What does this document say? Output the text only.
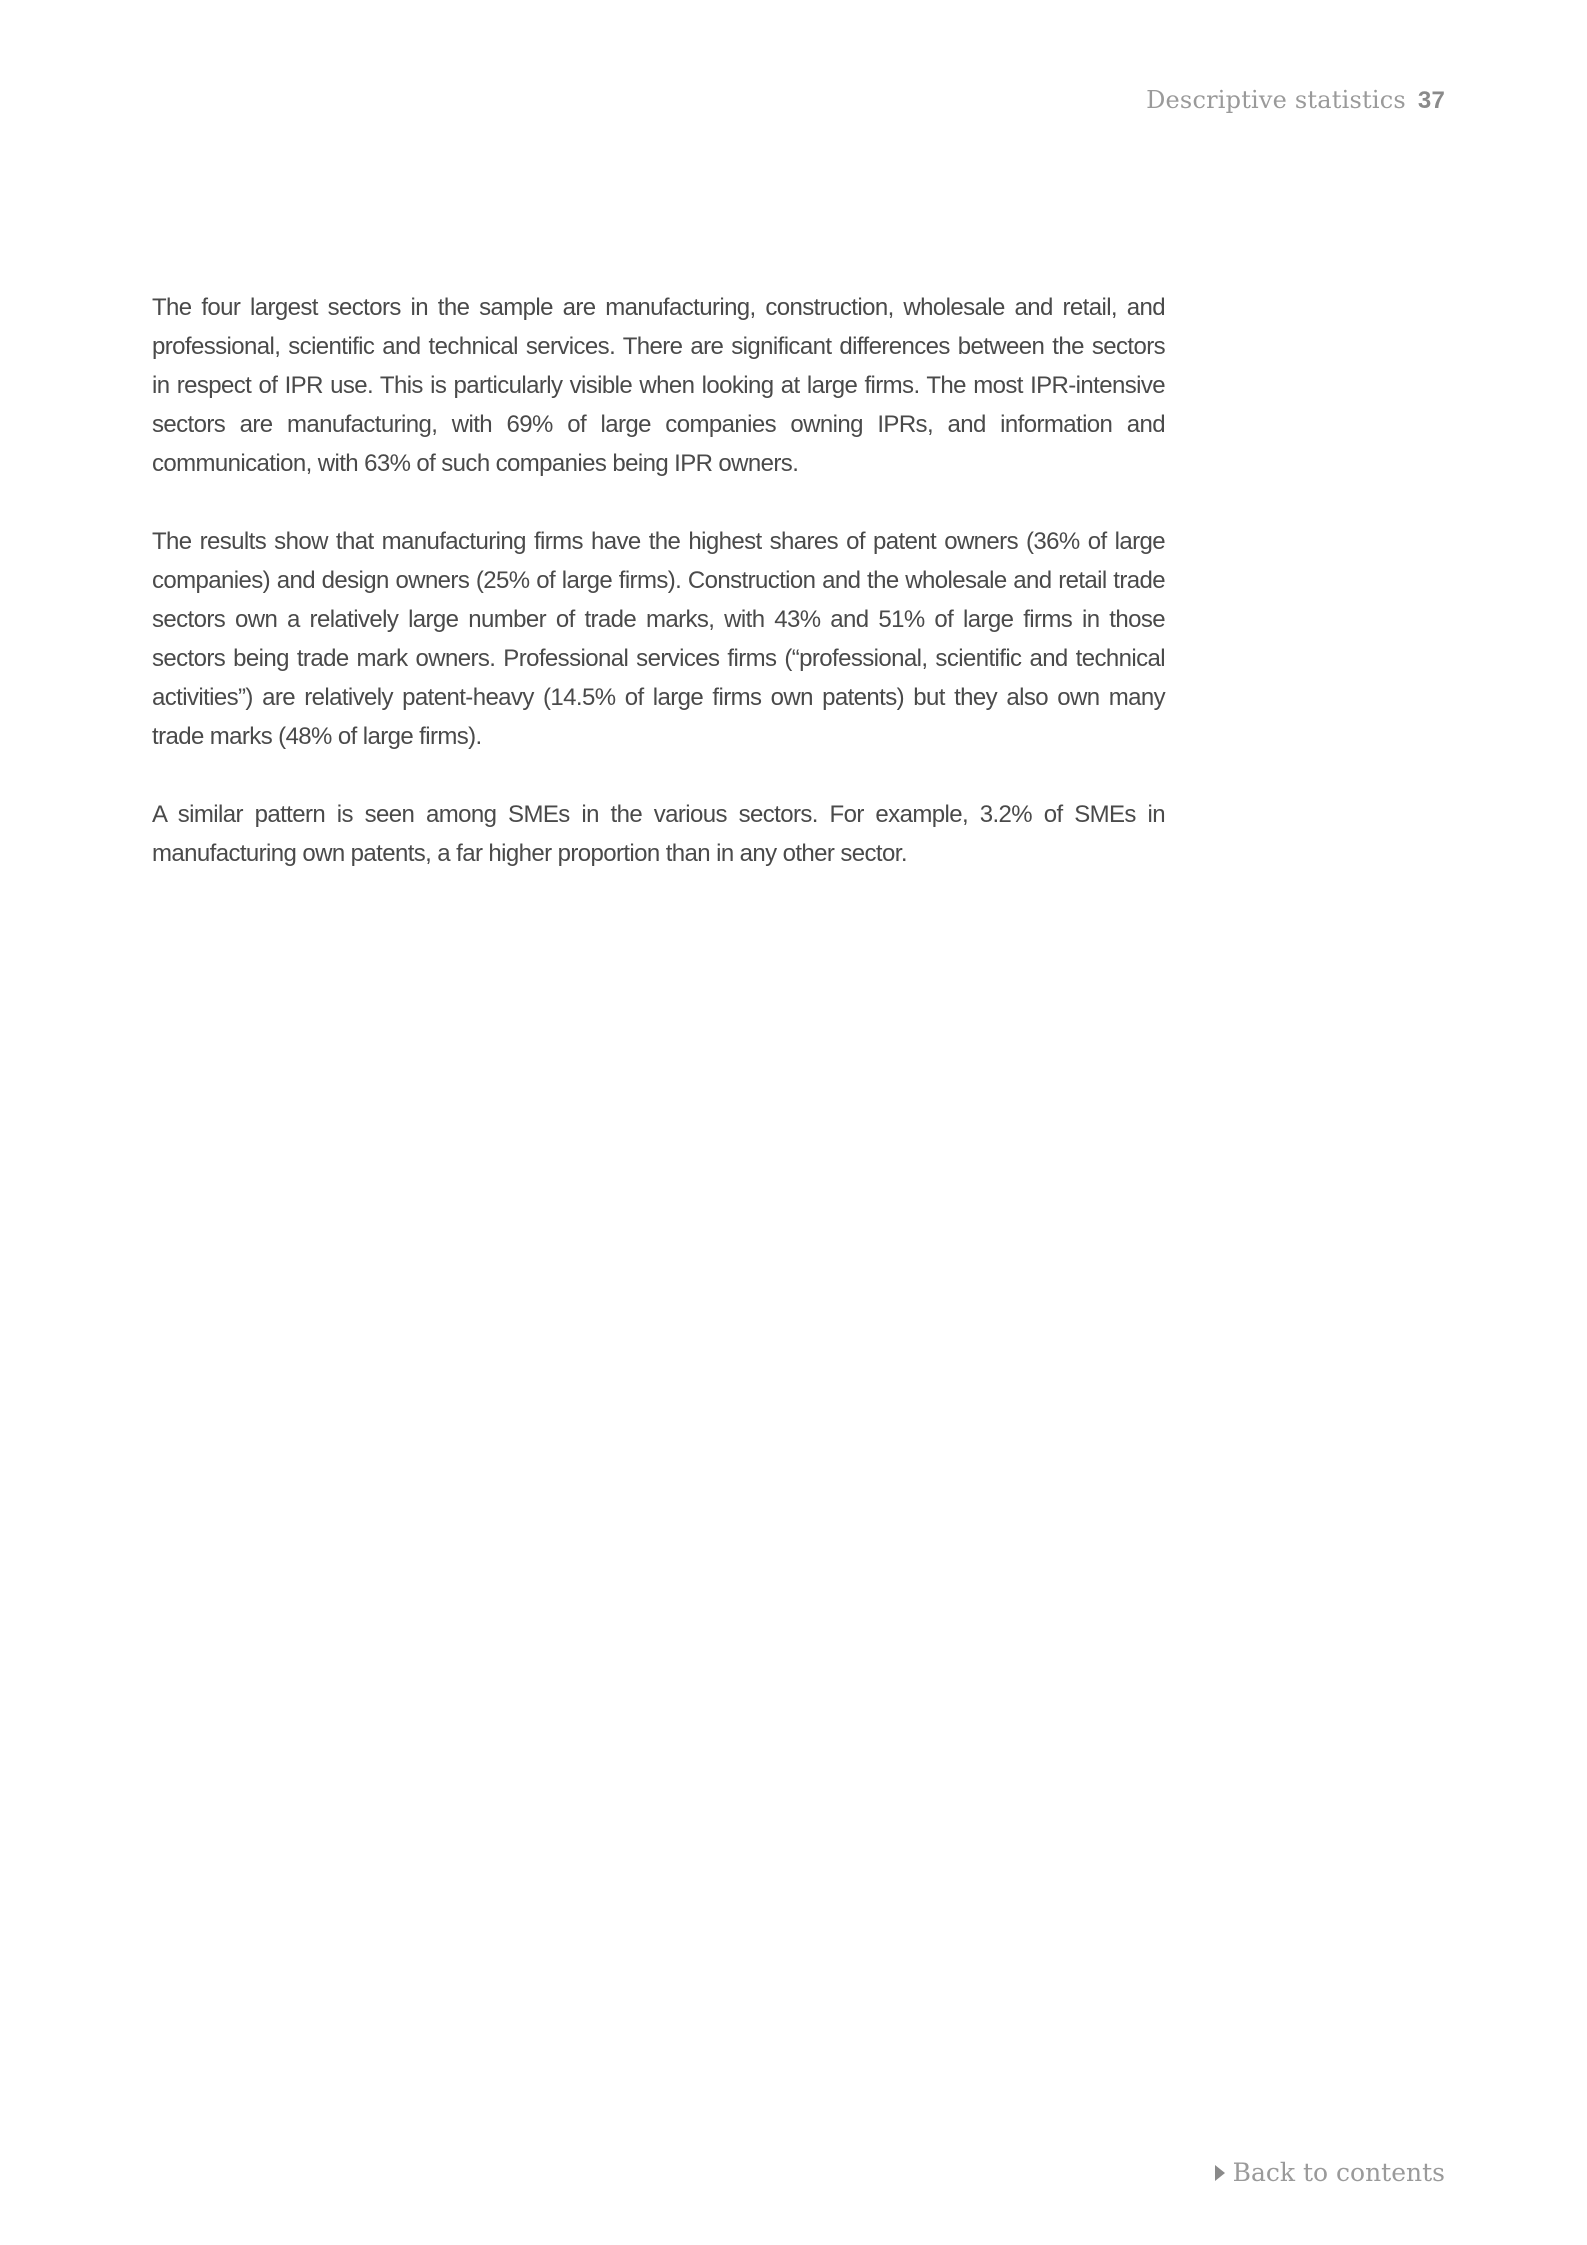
Descriptive statistics 37

The four largest sectors in the sample are manufacturing, construction, wholesale and retail, and professional, scientific and technical services. There are significant differences between the sectors in respect of IPR use. This is particularly visible when looking at large firms. The most IPR-intensive sectors are manufacturing, with 69% of large companies owning IPRs, and information and communication, with 63% of such companies being IPR owners.

The results show that manufacturing firms have the highest shares of patent owners (36% of large companies) and design owners (25% of large firms). Construction and the wholesale and retail trade sectors own a relatively large number of trade marks, with 43% and 51% of large firms in those sectors being trade mark owners. Professional services firms (“professional, scientific and technical activities”) are relatively patent-heavy (14.5% of large firms own patents) but they also own many trade marks (48% of large firms).

A similar pattern is seen among SMEs in the various sectors. For example, 3.2% of SMEs in manufacturing own patents, a far higher proportion than in any other sector.

Back to contents
